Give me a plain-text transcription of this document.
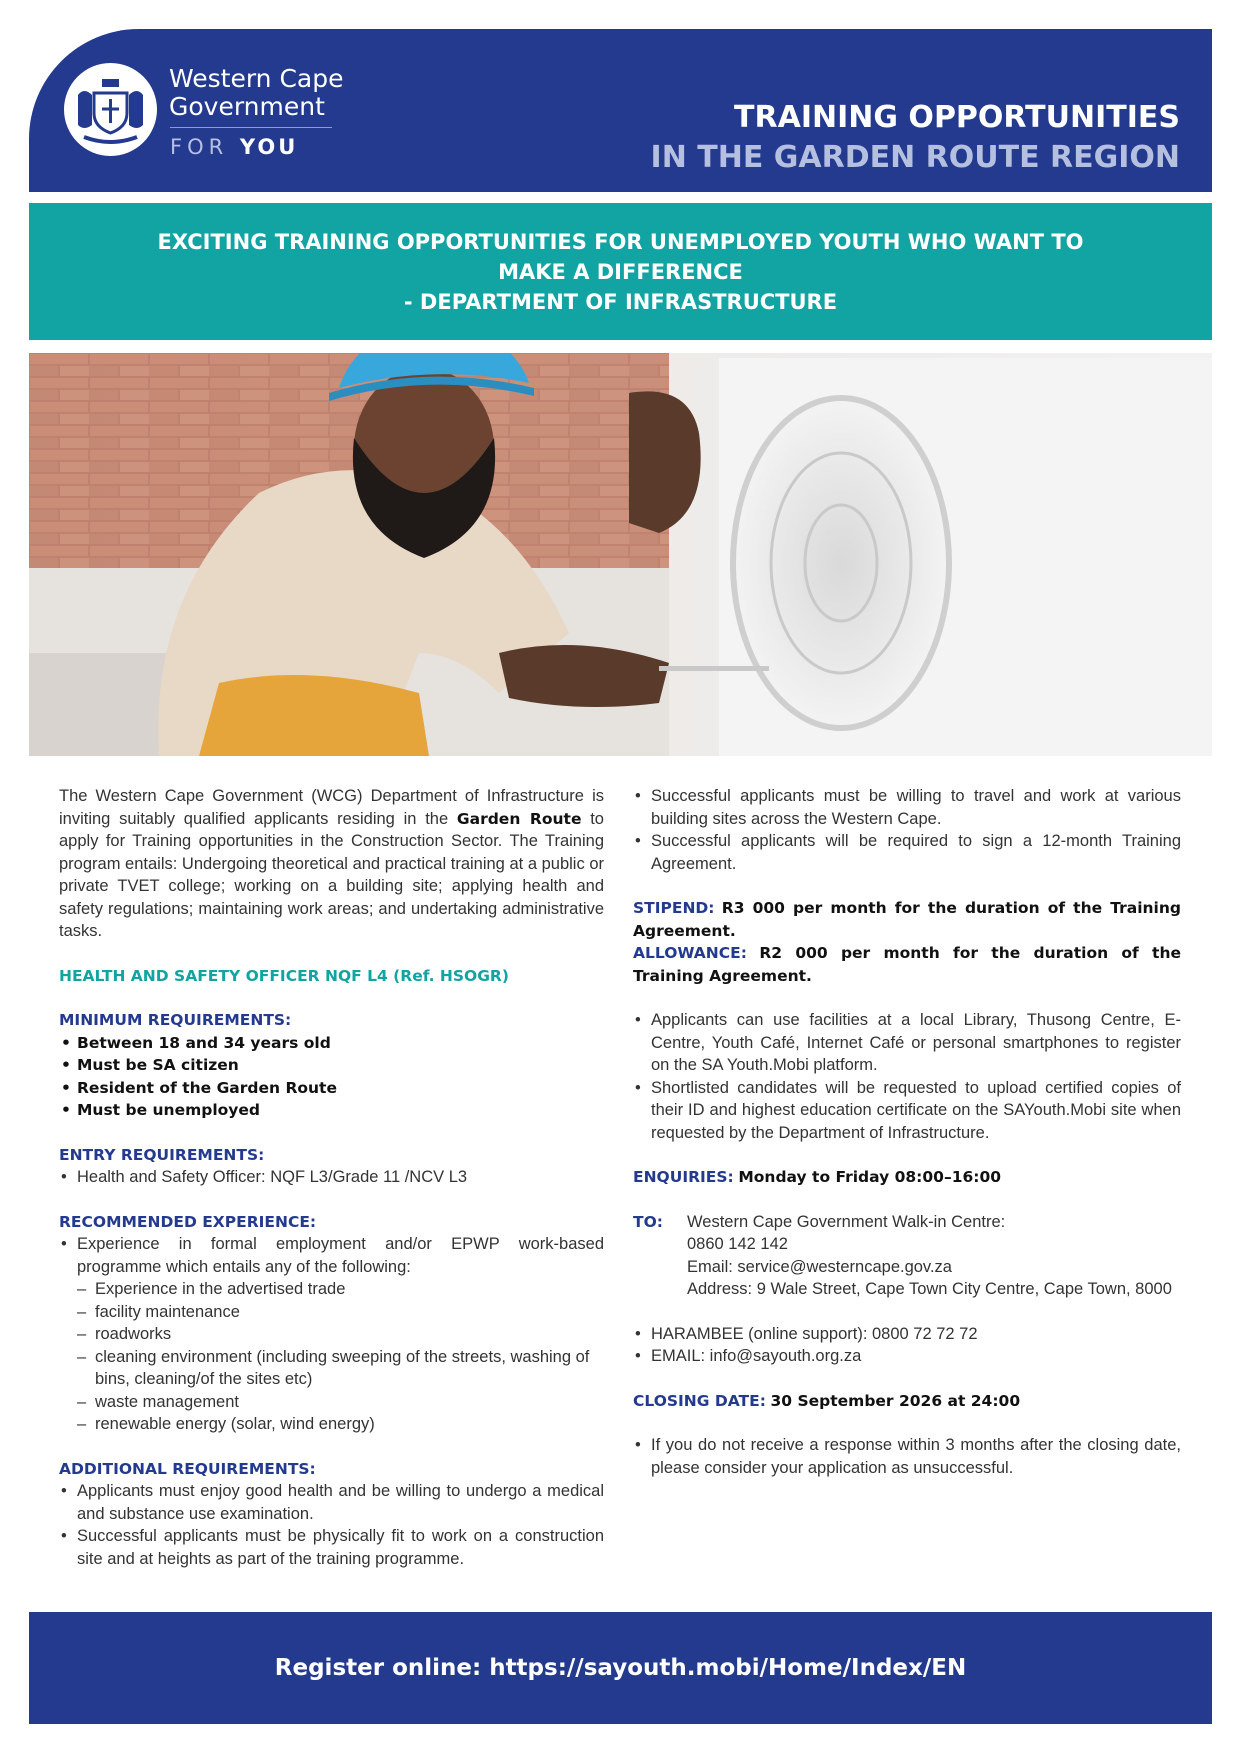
Western Cape
Government
FOR YOU
TRAINING OPPORTUNITIES
IN THE GARDEN ROUTE REGION
EXCITING TRAINING OPPORTUNITIES FOR UNEMPLOYED YOUTH WHO WANT TO
MAKE A DIFFERENCE
- DEPARTMENT OF INFRASTRUCTURE

The Western Cape Government (WCG) Department of Infrastructure is inviting suitably qualified applicants residing in the Garden Route to apply for Training opportunities in the Construction Sector. The Training program entails: Undergoing theoretical and practical training at a public or private TVET college; working on a building site; applying health and safety regulations; maintaining work areas; and undertaking administrative tasks.

HEALTH AND SAFETY OFFICER NQF L4 (Ref. HSOGR)
MINIMUM REQUIREMENTS:
• Between 18 and 34 years old
• Must be SA citizen
• Resident of the Garden Route
• Must be unemployed
ENTRY REQUIREMENTS:
• Health and Safety Officer: NQF L3/Grade 11 /NCV L3
RECOMMENDED EXPERIENCE:
• Experience in formal employment and/or EPWP work-based programme which entails any of the following:
– Experience in the advertised trade
– facility maintenance
– roadworks
– cleaning environment (including sweeping of the streets, washing of bins, cleaning/of the sites etc)
– waste management
– renewable energy (solar, wind energy)
ADDITIONAL REQUIREMENTS:
• Applicants must enjoy good health and be willing to undergo a medical and substance use examination.
• Successful applicants must be physically fit to work on a construction site and at heights as part of the training programme.
• Successful applicants must be willing to travel and work at various building sites across the Western Cape.
• Successful applicants will be required to sign a 12-month Training Agreement.

STIPEND: R3 000 per month for the duration of the Training Agreement.

ALLOWANCE: R2 000 per month for the duration of the Training Agreement.

• Applicants can use facilities at a local Library, Thusong Centre, E-Centre, Youth Café, Internet Café or personal smartphones to register on the SA Youth.Mobi platform.
• Shortlisted candidates will be requested to upload certified copies of their ID and highest education certificate on the SAYouth.Mobi site when requested by the Department of Infrastructure.

ENQUIRIES: Monday to Friday 08:00–16:00

TO:	Western Cape Government Walk-in Centre:
0860 142 142
Email: service@westerncape.gov.za
Address: 9 Wale Street, Cape Town City Centre, Cape Town, 8000
• HARAMBEE (online support): 0800 72 72 72
• EMAIL: info@sayouth.org.za

CLOSING DATE: 30 September 2026 at 24:00

• If you do not receive a response within 3 months after the closing date, please consider your application as unsuccessful.
Register online: https://sayouth.mobi/Home/Index/EN
